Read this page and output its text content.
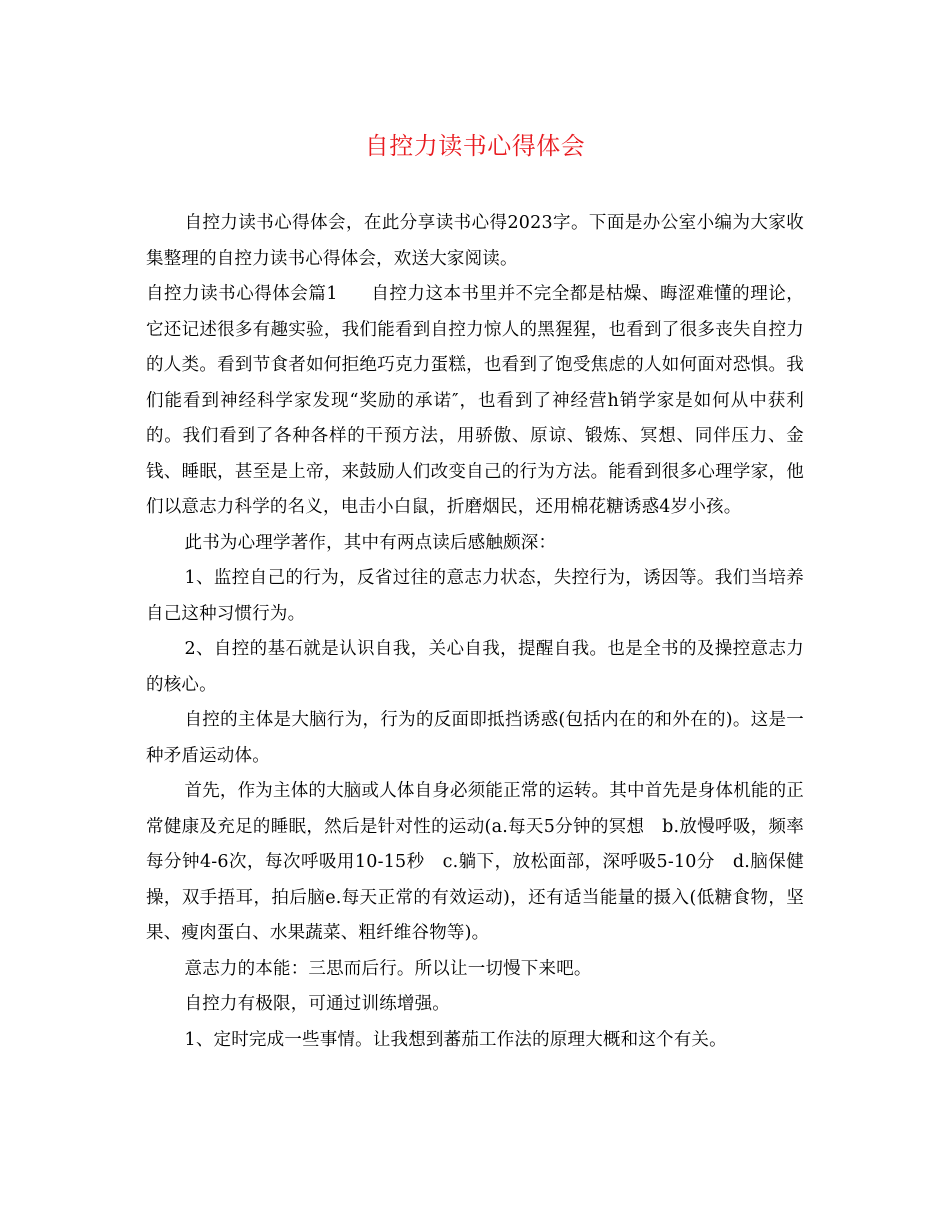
自控力读书心得体会

自控力读书心得体会，在此分享读书心得2023字。下面是办公室小编为大家收集整理的自控力读书心得体会，欢送大家阅读。

自控力读书心得体会篇1 自控力这本书里并不完全都是枯燥、晦涩难懂的理论，它还记述很多有趣实验，我们能看到自控力惊人的黑猩猩，也看到了很多丧失自控力的人类。看到节食者如何拒绝巧克力蛋糕，也看到了饱受焦虑的人如何面对恐惧。我们能看到神经科学家发现“奖励的承诺″，也看到了神经营h销学家是如何从中获利的。我们看到了各种各样的干预方法，用骄傲、原谅、锻炼、冥想、同伴压力、金钱、睡眠，甚至是上帝，来鼓励人们改变自己的行为方法。能看到很多心理学家，他们以意志力科学的名义，电击小白鼠，折磨烟民，还用棉花糖诱惑4岁小孩。

此书为心理学著作，其中有两点读后感触颇深：

1、监控自己的行为，反省过往的意志力状态，失控行为，诱因等。我们当培养自己这种习惯行为。

2、自控的基石就是认识自我，关心自我，提醒自我。也是全书的及操控意志力的核心。

自控的主体是大脑行为，行为的反面即抵挡诱惑(包括内在的和外在的)。这是一种矛盾运动体。

首先，作为主体的大脑或人体自身必须能正常的运转。其中首先是身体机能的正常健康及充足的睡眠，然后是针对性的运动(a.每天5分钟的冥想　b.放慢呼吸，频率每分钟4-6次，每次呼吸用10-15秒　c.躺下，放松面部，深呼吸5-10分　d.脑保健操，双手捂耳，拍后脑e.每天正常的有效运动)，还有适当能量的摄入(低糖食物，坚果、瘦肉蛋白、水果蔬菜、粗纤维谷物等)。

意志力的本能：三思而后行。所以让一切慢下来吧。

自控力有极限，可通过训练增强。

1、定时完成一些事情。让我想到蕃茄工作法的原理大概和这个有关。
